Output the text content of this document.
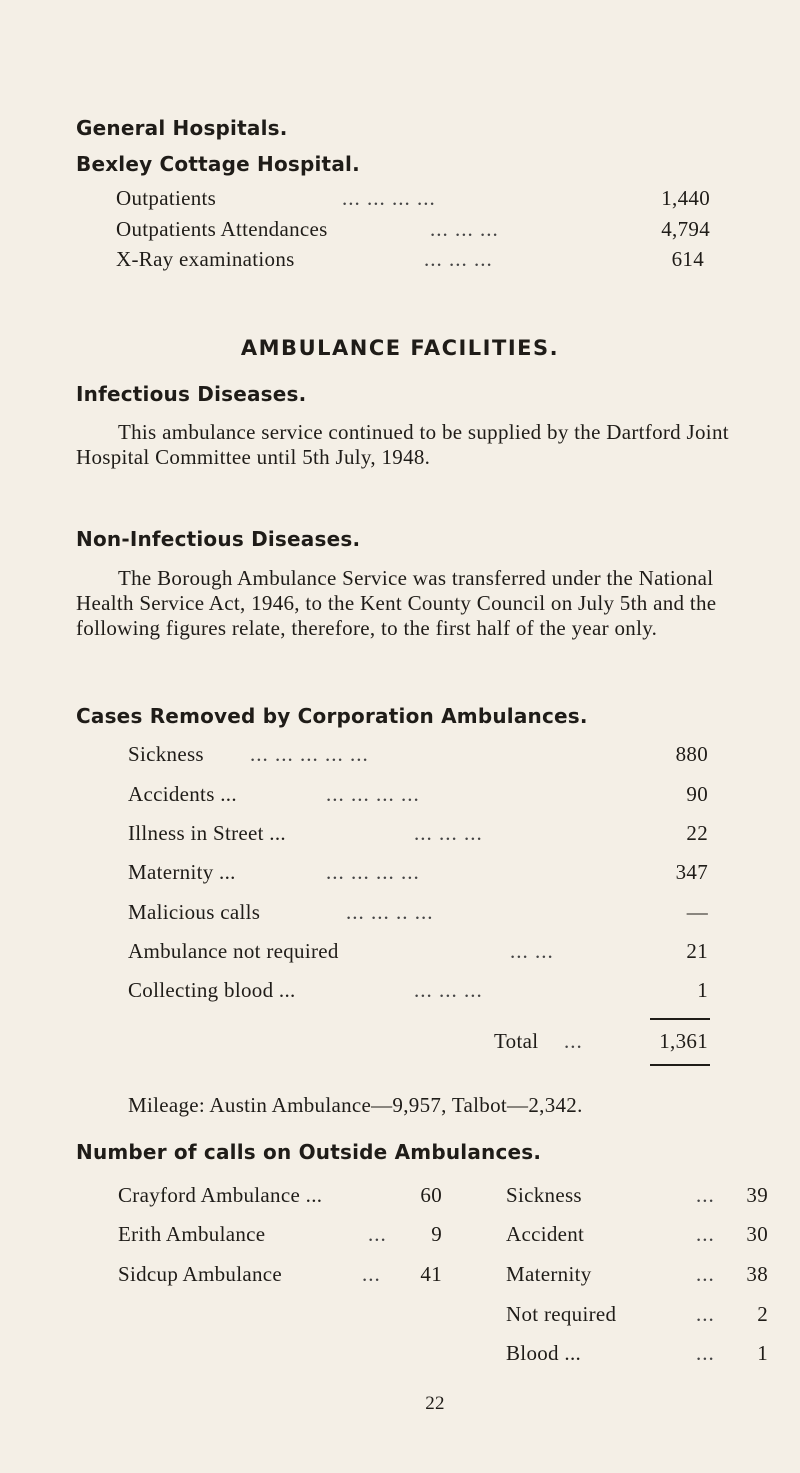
General Hospitals.
Bexley Cottage Hospital.
Outpatients	... ... ... ...	1,440
Outpatients Attendances	... ... ...	4,794
X-Ray examinations	... ... ...	614
AMBULANCE FACILITIES.
Infectious Diseases.
This ambulance service continued to be supplied by the Dartford Joint Hospital Committee until 5th July, 1948.
Non-Infectious Diseases.
The Borough Ambulance Service was transferred under the National Health Service Act, 1946, to the Kent County Council on July 5th and the following figures relate, therefore, to the first half of the year only.
Cases Removed by Corporation Ambulances.
Sickness ... ... ... ... ...	880
Accidents ...	... ... ... ...	90
Illness in Street ...	... ... ...	22
Maternity ...	... ... ... ...	347
Malicious calls	... ... .. ...	—
Ambulance not required	... ...	21
Collecting blood ...	... ... ...	1
Total ...	1,361
Mileage: Austin Ambulance—9,957, Talbot—2,342.
Number of calls on Outside Ambulances.
Crayford Ambulance ...	60
Erith Ambulance	... 9
Sidcup Ambulance	... 41
Sickness	... 39
Accident	... 30
Maternity	... 38
Not required	... 2
Blood ...	... 1
22
